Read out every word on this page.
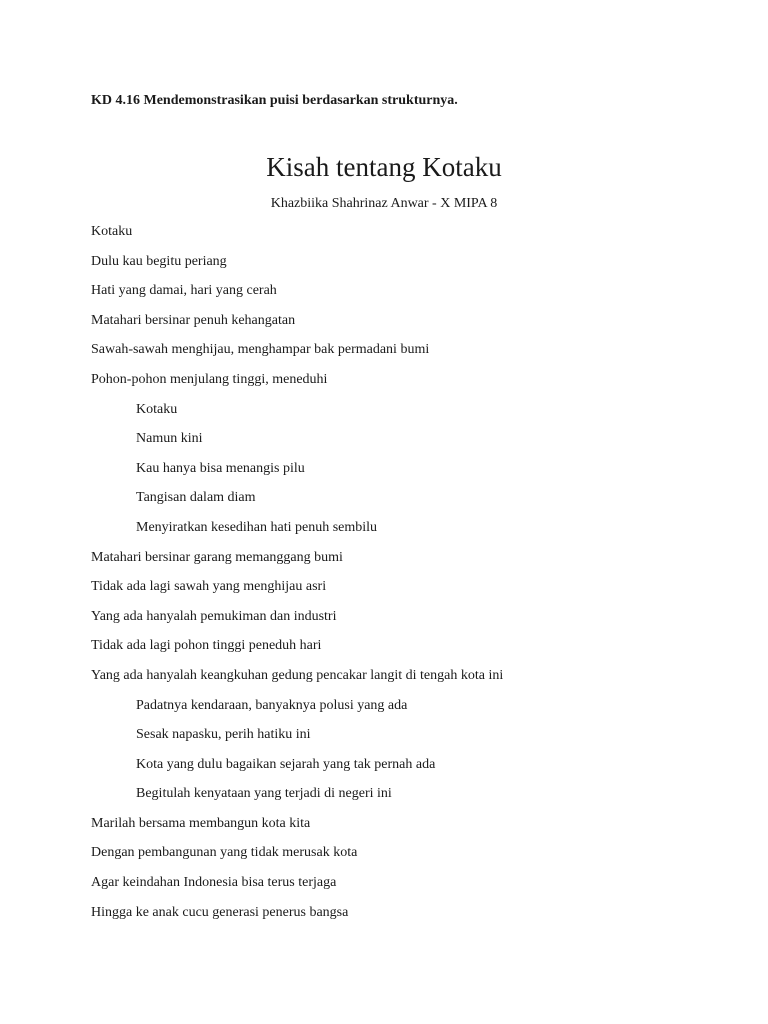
KD 4.16 Mendemonstrasikan puisi berdasarkan strukturnya.
Kisah tentang Kotaku
Khazbiika Shahrinaz Anwar - X MIPA 8
Kotaku
Dulu kau begitu periang
Hati yang damai, hari yang cerah
Matahari bersinar penuh kehangatan
Sawah-sawah menghijau, menghampar bak permadani bumi
Pohon-pohon menjulang tinggi, meneduhi
Kotaku
Namun kini
Kau hanya bisa menangis pilu
Tangisan dalam diam
Menyiratkan kesedihan hati penuh sembilu
Matahari bersinar garang memanggang bumi
Tidak ada lagi sawah yang menghijau asri
Yang ada hanyalah pemukiman dan industri
Tidak ada lagi pohon tinggi peneduh hari
Yang ada hanyalah keangkuhan gedung pencakar langit di tengah kota ini
Padatnya kendaraan, banyaknya polusi yang ada
Sesak napasku, perih hatiku ini
Kota yang dulu bagaikan sejarah yang tak pernah ada
Begitulah kenyataan yang terjadi di negeri ini
Marilah bersama membangun kota kita
Dengan pembangunan yang tidak merusak kota
Agar keindahan Indonesia bisa terus terjaga
Hingga ke anak cucu generasi penerus bangsa
